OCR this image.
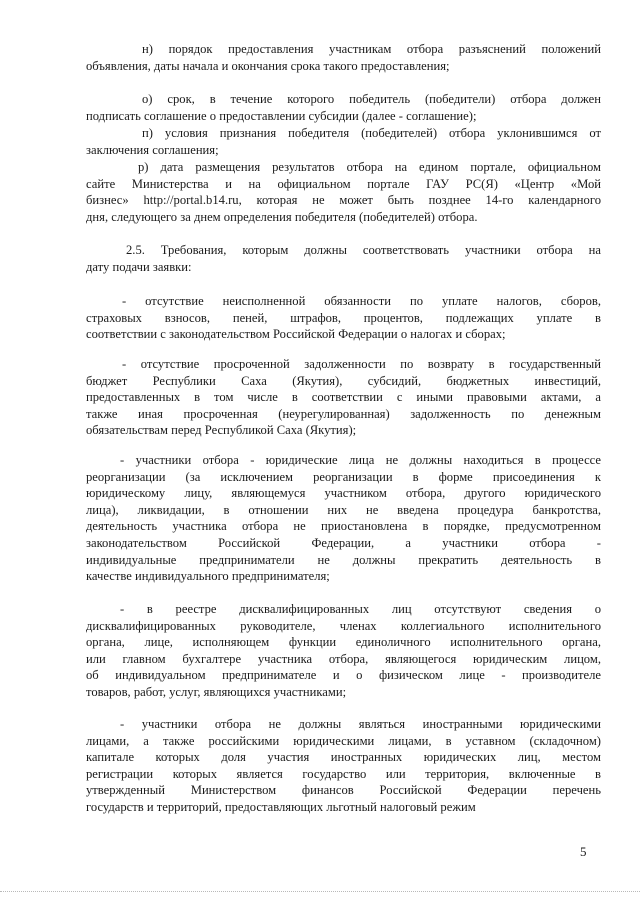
н) порядок предоставления участникам отбора разъяснений положений
объявления, даты начала и окончания срока такого предоставления;
о) срок, в течение которого победитель (победители) отбора должен
подписать соглашение о предоставлении субсидии (далее - соглашение);
п) условия признания победителя (победителей) отбора уклонившимся от
заключения соглашения;
р) дата размещения результатов отбора на едином портале, официальном
сайте Министерства и на официальном портале ГАУ РС(Я) «Центр «Мой
бизнес» http://portal.b14.ru, которая не может быть позднее 14-го календарного
дня, следующего за днем определения победителя (победителей) отбора.
2.5. Требования, которым должны соответствовать участники отбора на
дату подачи заявки:
- отсутствие неисполненной обязанности по уплате налогов, сборов,
страховых взносов, пеней, штрафов, процентов, подлежащих уплате в
соответствии с законодательством Российской Федерации о налогах и сборах;
- отсутствие просроченной задолженности по возврату в государственный
бюджет Республики Саха (Якутия), субсидий, бюджетных инвестиций,
предоставленных в том числе в соответствии с иными правовыми актами, а
также иная просроченная (неурегулированная) задолженность по денежным
обязательствам перед Республикой Саха (Якутия);
- участники отбора - юридические лица не должны находиться в процессе
реорганизации (за исключением реорганизации в форме присоединения к
юридическому лицу, являющемуся участником отбора, другого юридического
лица), ликвидации, в отношении них не введена процедура банкротства,
деятельность участника отбора не приостановлена в порядке, предусмотренном
законодательством Российской Федерации, а участники отбора -
индивидуальные предприниматели не должны прекратить деятельность в
качестве индивидуального предпринимателя;
- в реестре дисквалифицированных лиц отсутствуют сведения о
дисквалифицированных руководителе, членах коллегиального исполнительного
органа, лице, исполняющем функции единоличного исполнительного органа,
или главном бухгалтере участника отбора, являющегося юридическим лицом,
об индивидуальном предпринимателе и о физическом лице - производителе
товаров, работ, услуг, являющихся участниками;
- участники отбора не должны являться иностранными юридическими
лицами, а также российскими юридическими лицами, в уставном (складочном)
капитале которых доля участия иностранных юридических лиц, местом
регистрации которых является государство или территория, включенные в
утвержденный Министерством финансов Российской Федерации перечень
государств и территорий, предоставляющих льготный налоговый режим
5
